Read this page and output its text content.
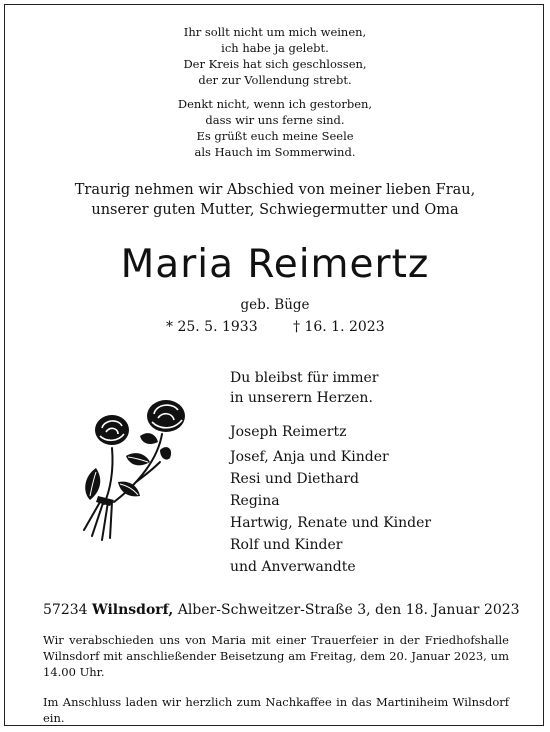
Ihr sollt nicht um mich weinen,
ich habe ja gelebt.
Der Kreis hat sich geschlossen,
der zur Vollendung strebt.
Denkt nicht, wenn ich gestorben,
dass wir uns ferne sind.
Es grüßt euch meine Seele
als Hauch im Sommerwind.
Traurig nehmen wir Abschied von meiner lieben Frau,
unserer guten Mutter, Schwiegermutter und Oma
Maria Reimertz
geb. Büge
* 25. 5. 1933	† 16. 1. 2023
Du bleibst für immer
in unserern Herzen.
Joseph Reimertz
Josef, Anja und Kinder
Resi und Diethard
Regina
Hartwig, Renate und Kinder
Rolf und Kinder
und Anverwandte
57234 Wilnsdorf, Alber-Schweitzer-Straße 3, den 18. Januar 2023
Wir verabschieden uns von Maria mit einer Trauerfeier in der Friedhofshalle Wilnsdorf mit anschließender Beisetzung am Freitag, dem 20. Januar 2023, um 14.00 Uhr.
Im Anschluss laden wir herzlich zum Nachkaffee in das Martiniheim Wilnsdorf ein.
